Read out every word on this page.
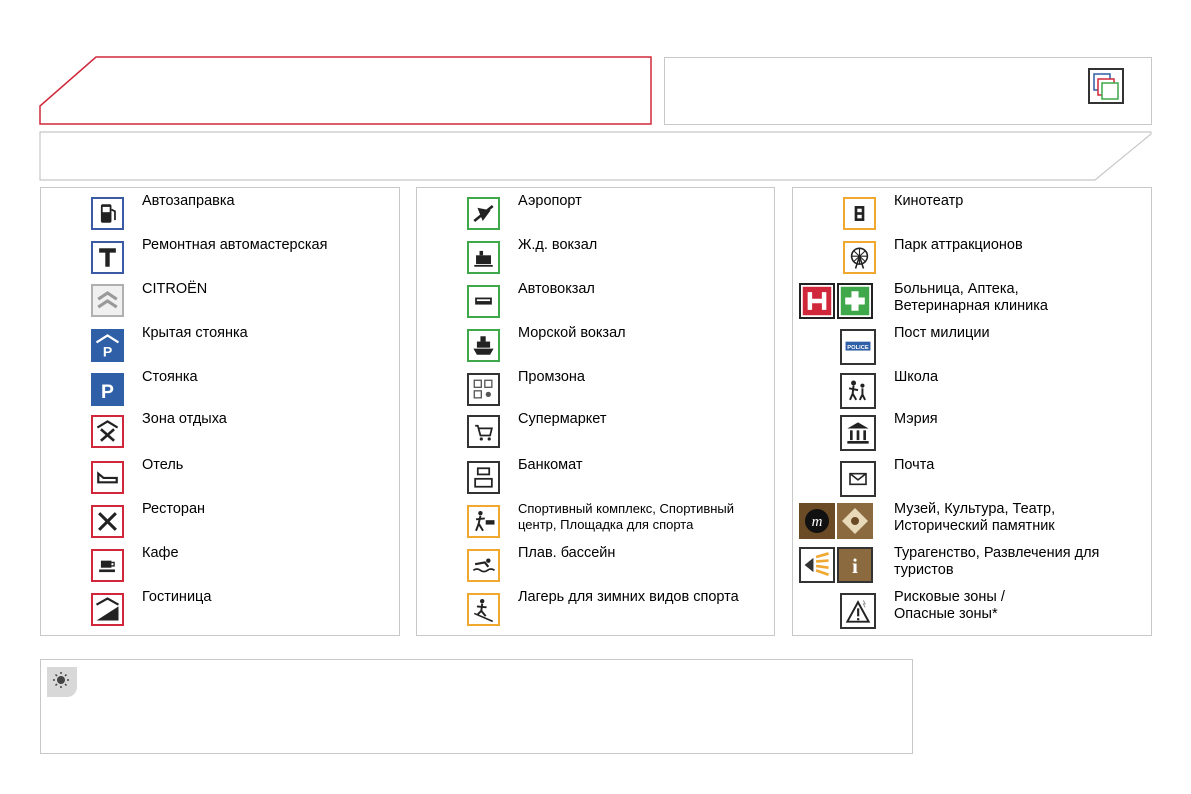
Автозаправка
Ремонтная автомастерская
CITROËN
P
Крытая стоянка
P
Стоянка
Зона отдыха
Отель
Ресторан
Кафе
Гостиница
Аэропорт
Ж.д. вокзал
Автовокзал
Морской вокзал
Промзона
Супермаркет
Банкомат
Спортивный комплекс, Спортивный
центр, Площадка для спорта
Плав. бассейн
Лагерь для зимних видов спорта
Кинотеатр
Парк аттракционов
Больница, Аптека,
Ветеринарная клиника
POLICE
Пост милиции
Школа
Мэрия
Почта
m
Музей, Культура, Театр,
Исторический памятник
i
Турагенство, Развлечения для
туристов
Рисковые зоны /
Опасные зоны*
